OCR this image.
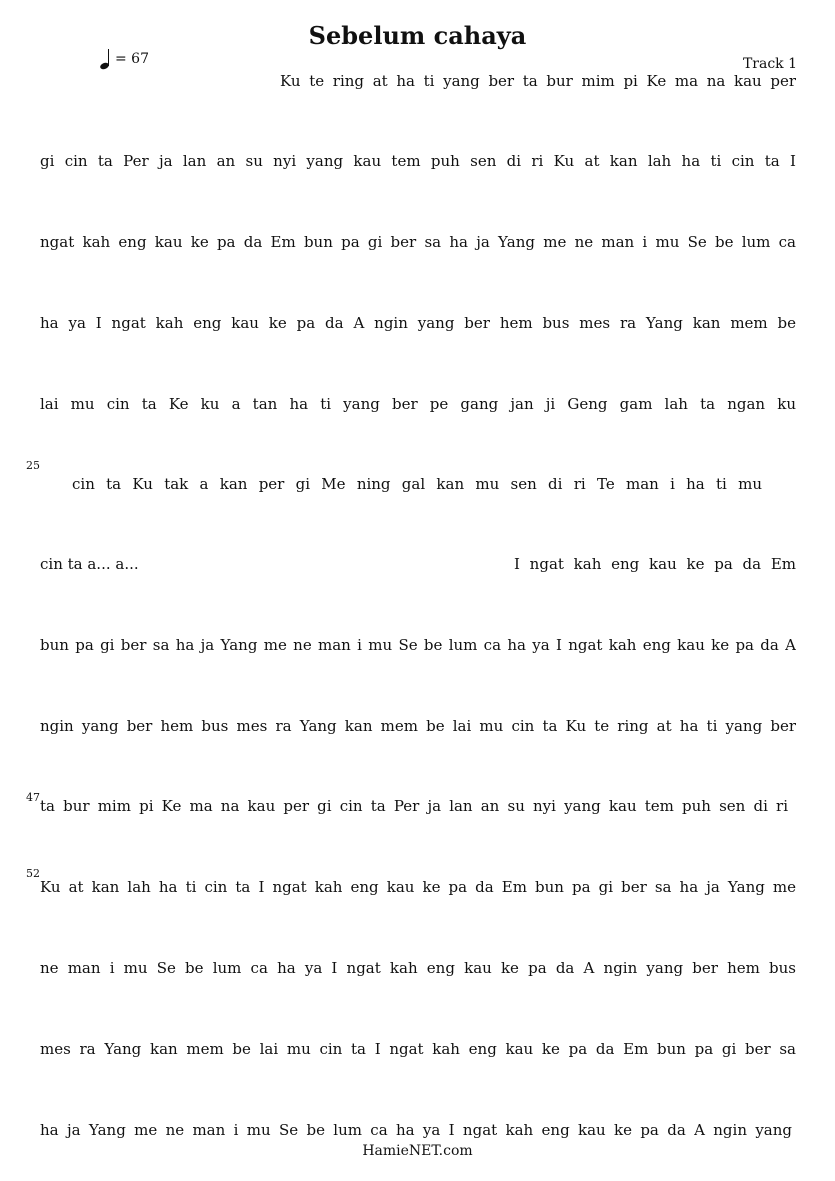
Sebelum cahaya
= 67	Track 1
Ku te ring at ha ti yang ber ta bur mim pi Ke ma na kau per
gi cin ta Per ja lan an su nyi yang kau tem puh sen di ri Ku at kan lah ha ti cin ta I
ngat kah eng kau ke pa da Em bun pa gi ber sa ha ja Yang me ne man i mu Se be lum ca
ha ya I ngat kah eng kau ke pa da A ngin yang ber hem bus mes ra Yang kan mem be
lai mu cin ta Ke ku a tan ha ti yang ber pe gang jan ji Geng gam lah ta ngan ku
25
cin ta Ku tak a kan per gi Me ning gal kan mu sen di ri Te man i ha ti mu
cin ta a... a...	I ngat kah eng kau ke pa da Em
bun pa gi ber sa ha ja Yang me ne man i mu Se be lum ca ha ya I ngat kah eng kau ke pa da A
ngin yang ber hem bus mes ra Yang kan mem be lai mu cin ta Ku te ring at ha ti yang ber
47 ta bur mim pi Ke ma na kau per gi cin ta Per ja lan an su nyi yang kau tem puh sen di ri
52
Ku at kan lah ha ti cin ta I ngat kah eng kau ke pa da Em bun pa gi ber sa ha ja Yang me
ne man i mu Se be lum ca ha ya I ngat kah eng kau ke pa da A ngin yang ber hem bus
mes ra Yang kan mem be lai mu cin ta I ngat kah eng kau ke pa da Em bun pa gi ber sa
ha ja Yang me ne man i mu Se be lum ca ha ya I ngat kah eng kau ke pa da A ngin yang
HamieNET.com
